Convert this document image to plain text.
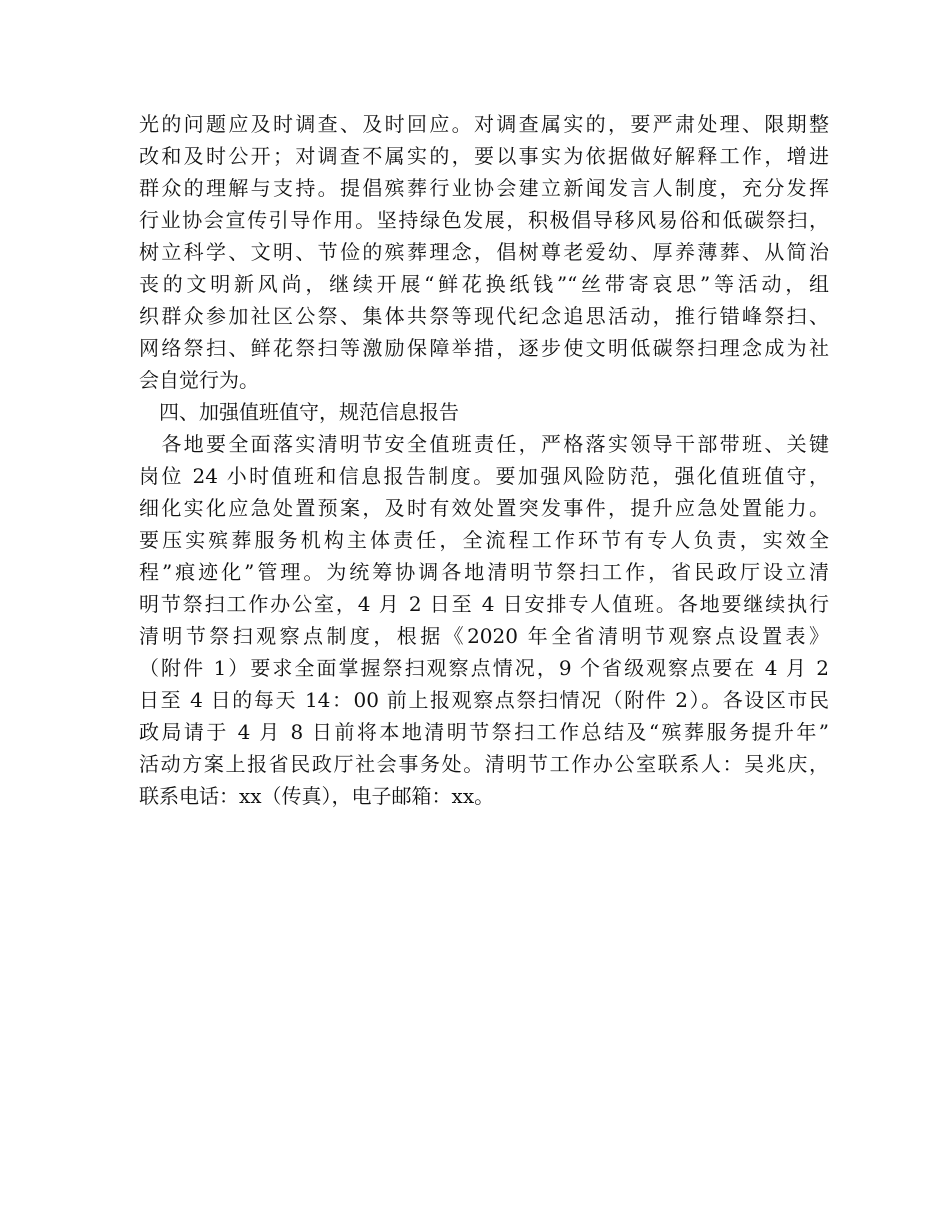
光的问题应及时调查、及时回应。对调查属实的，要严肃处理、限期整
改和及时公开；对调查不属实的，要以事实为依据做好解释工作，增进
群众的理解与支持。提倡殡葬行业协会建立新闻发言人制度，充分发挥
行业协会宣传引导作用。坚持绿色发展，积极倡导移风易俗和低碳祭扫，
树立科学、文明、节俭的殡葬理念，倡树尊老爱幼、厚养薄葬、从简治
丧的文明新风尚，继续开展“鲜花换纸钱”“丝带寄哀思”等活动，组
织群众参加社区公祭、集体共祭等现代纪念追思活动，推行错峰祭扫、
网络祭扫、鲜花祭扫等激励保障举措，逐步使文明低碳祭扫理念成为社
会自觉行为。
　四、加强值班值守，规范信息报告
　各地要全面落实清明节安全值班责任，严格落实领导干部带班、关键
岗位 24 小时值班和信息报告制度。要加强风险防范，强化值班值守，
细化实化应急处置预案，及时有效处置突发事件，提升应急处置能力。
要压实殡葬服务机构主体责任，全流程工作环节有专人负责，实效全
程”痕迹化”管理。为统筹协调各地清明节祭扫工作，省民政厅设立清
明节祭扫工作办公室，4 月 2 日至 4 日安排专人值班。各地要继续执行
清明节祭扫观察点制度，根据《2020 年全省清明节观察点设置表》
（附件 1）要求全面掌握祭扫观察点情况，9 个省级观察点要在 4 月 2
日至 4 日的每天 14：00 前上报观察点祭扫情况（附件 2）。各设区市民
政局请于 4 月 8 日前将本地清明节祭扫工作总结及“殡葬服务提升年”
活动方案上报省民政厅社会事务处。清明节工作办公室联系人：吴兆庆，
联系电话：xx（传真），电子邮箱：xx。
